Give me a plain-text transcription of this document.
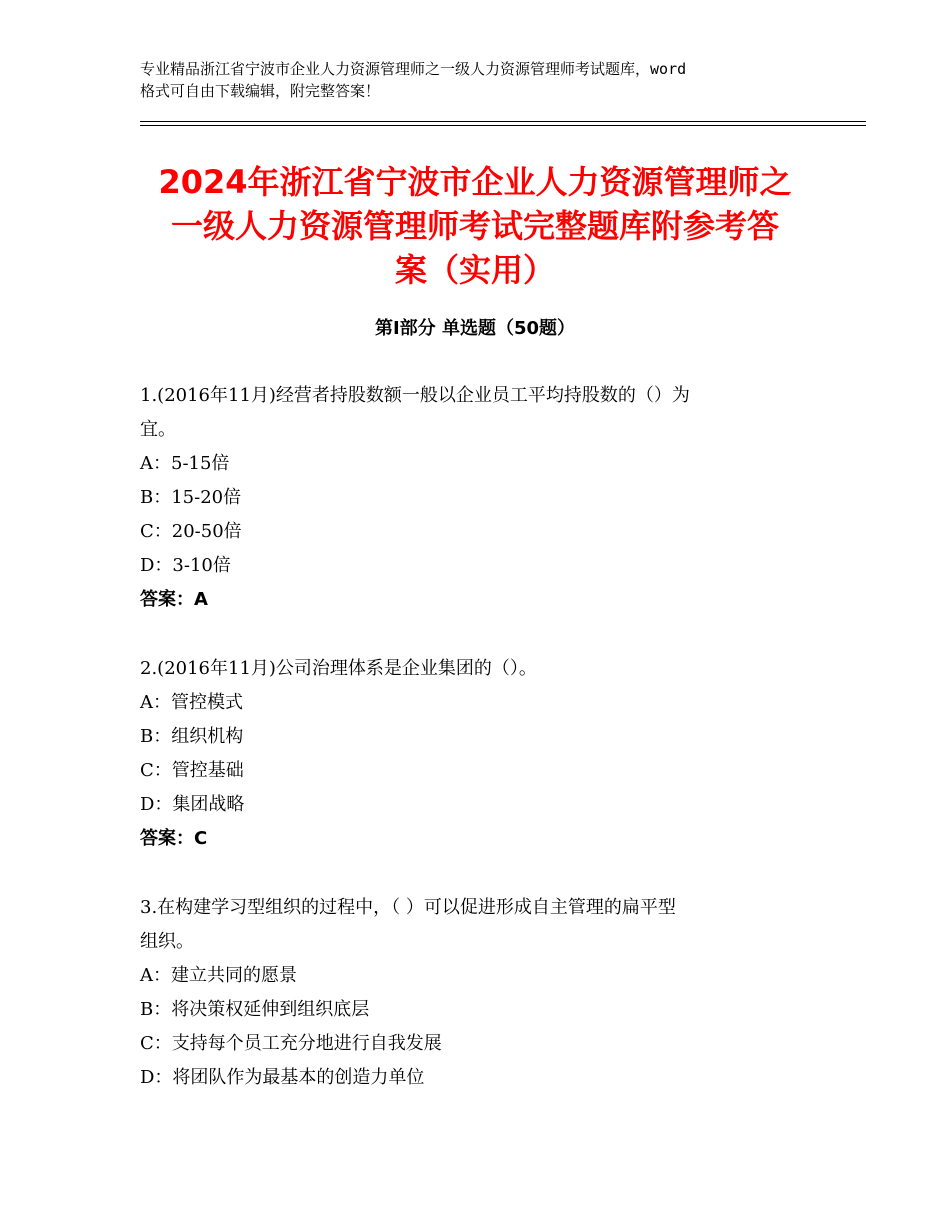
专业精品浙江省宁波市企业人力资源管理师之一级人力资源管理师考试题库，word
格式可自由下载编辑，附完整答案！
2024年浙江省宁波市企业人力资源管理师之
一级人力资源管理师考试完整题库附参考答
案（实用）
第Ⅰ部分 单选题（50题）
1.(2016年11月)经营者持股数额一般以企业员工平均持股数的（）为
宜。
A：5-15倍
B：15-20倍
C：20-50倍
D：3-10倍
答案：A
2.(2016年11月)公司治理体系是企业集团的（）。
A：管控模式
B：组织机构
C：管控基础
D：集团战略
答案：C
3.在构建学习型组织的过程中，（ ）可以促进形成自主管理的扁平型
组织。
A：建立共同的愿景
B：将决策权延伸到组织底层
C：支持每个员工充分地进行自我发展
D：将团队作为最基本的创造力单位
